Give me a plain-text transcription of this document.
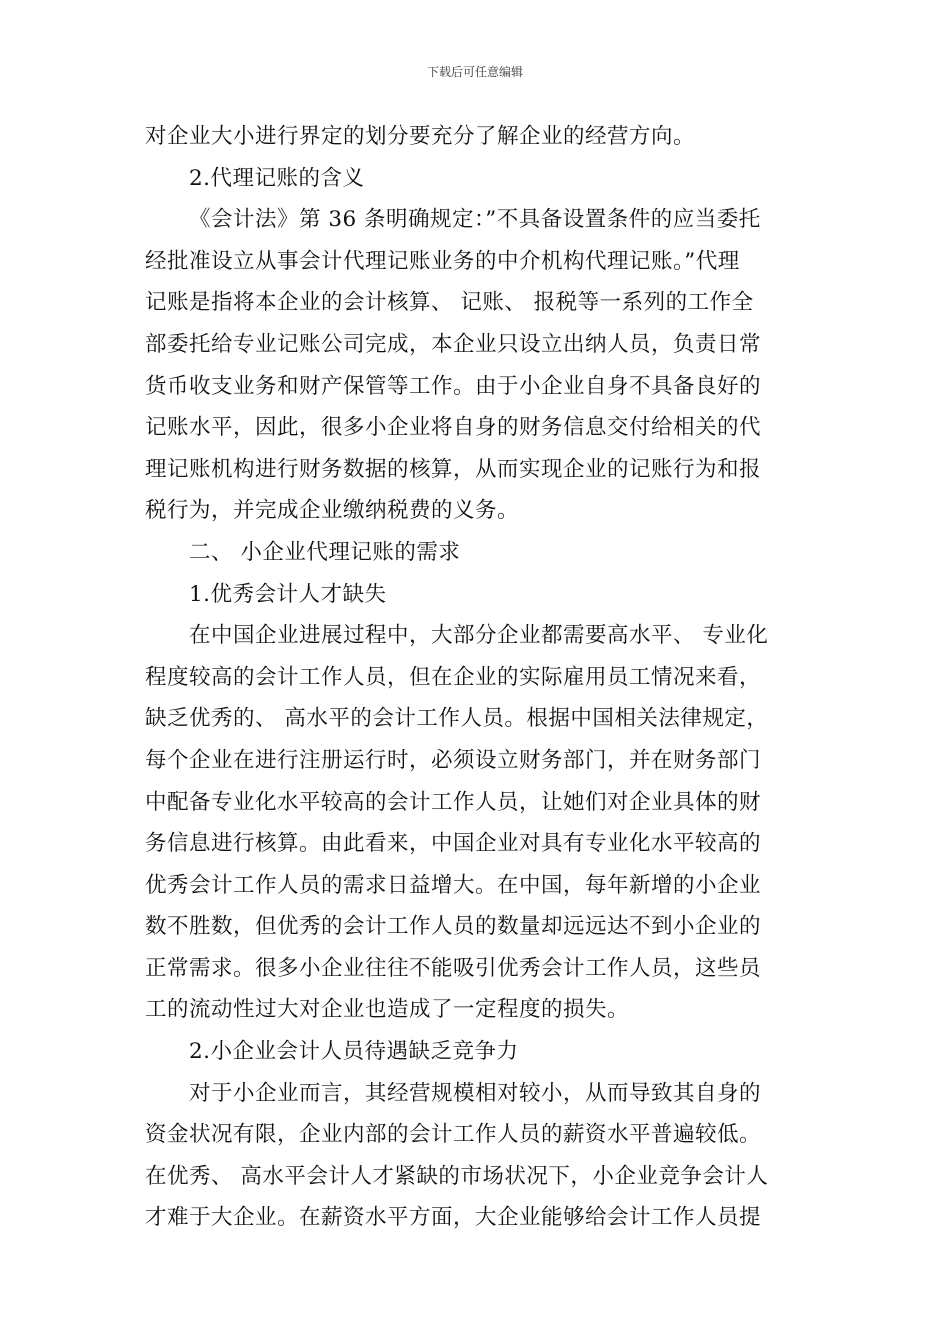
下载后可任意编辑
对企业大小进行界定的划分要充分了解企业的经营方向。
2.代理记账的含义
《会计法》第 36 条明确规定：”不具备设置条件的应当委托
经批准设立从事会计代理记账业务的中介机构代理记账。”代理
记账是指将本企业的会计核算、 记账、 报税等一系列的工作全
部委托给专业记账公司完成，本企业只设立出纳人员，负责日常
货币收支业务和财产保管等工作。由于小企业自身不具备良好的
记账水平，因此，很多小企业将自身的财务信息交付给相关的代
理记账机构进行财务数据的核算，从而实现企业的记账行为和报
税行为，并完成企业缴纳税费的义务。
二、 小企业代理记账的需求
1.优秀会计人才缺失
在中国企业进展过程中，大部分企业都需要高水平、 专业化
程度较高的会计工作人员，但在企业的实际雇用员工情况来看，
缺乏优秀的、 高水平的会计工作人员。根据中国相关法律规定，
每个企业在进行注册运行时，必须设立财务部门，并在财务部门
中配备专业化水平较高的会计工作人员，让她们对企业具体的财
务信息进行核算。由此看来，中国企业对具有专业化水平较高的
优秀会计工作人员的需求日益增大。在中国，每年新增的小企业
数不胜数，但优秀的会计工作人员的数量却远远达不到小企业的
正常需求。很多小企业往往不能吸引优秀会计工作人员，这些员
工的流动性过大对企业也造成了一定程度的损失。
2.小企业会计人员待遇缺乏竞争力
对于小企业而言，其经营规模相对较小，从而导致其自身的
资金状况有限，企业内部的会计工作人员的薪资水平普遍较低。
在优秀、 高水平会计人才紧缺的市场状况下，小企业竞争会计人
才难于大企业。在薪资水平方面，大企业能够给会计工作人员提
